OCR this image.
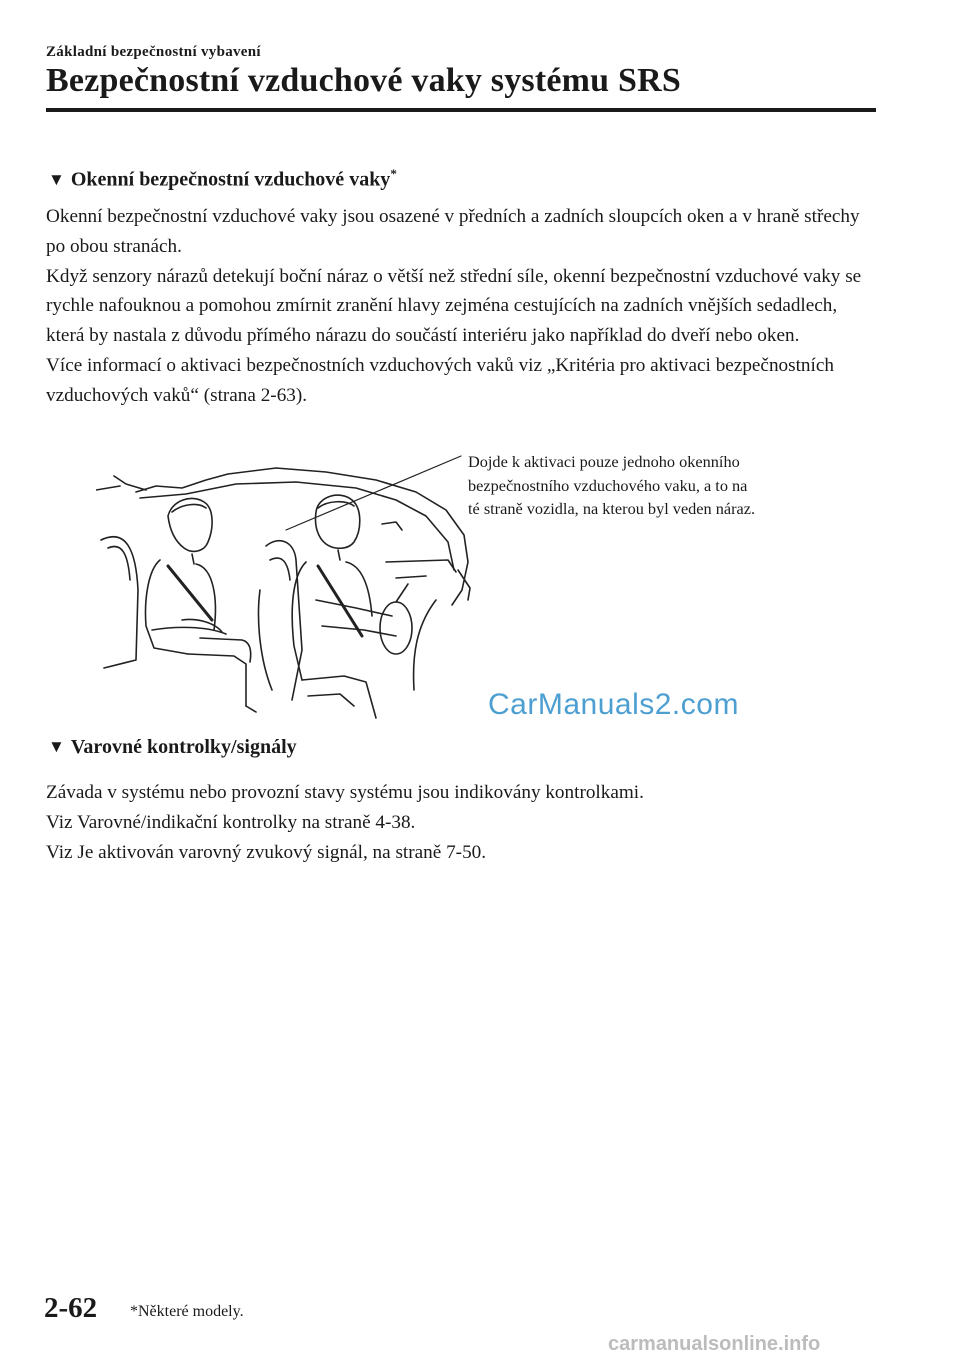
Základní bezpečnostní vybavení
Bezpečnostní vzduchové vaky systému SRS
▼ Okenní bezpečnostní vzduchové vaky*

Okenní bezpečnostní vzduchové vaky jsou osazené v předních a zadních sloupcích oken a v hraně střechy po obou stranách.

Když senzory nárazů detekují boční náraz o větší než střední síle, okenní bezpečnostní vzduchové vaky se rychle nafouknou a pomohou zmírnit zranění hlavy zejména cestujících na zadních vnějších sedadlech, která by nastala z důvodu přímého nárazu do součástí interiéru jako například do dveří nebo oken.

Více informací o aktivaci bezpečnostních vzduchových vaků viz „Kritéria pro aktivaci bezpečnostních vzduchových vaků“ (strana 2-63).

Dojde k aktivaci pouze jednoho okenního

bezpečnostního vzduchového vaku, a to na

té straně vozidla, na kterou byl veden náraz.

CarManuals2.com
▼ Varovné kontrolky/signály

Závada v systému nebo provozní stavy systému jsou indikovány kontrolkami.

Viz Varovné/indikační kontrolky na straně 4-38.

Viz Je aktivován varovný zvukový signál, na straně 7-50.

2-62 *Některé modely.
carmanualsonline.info
